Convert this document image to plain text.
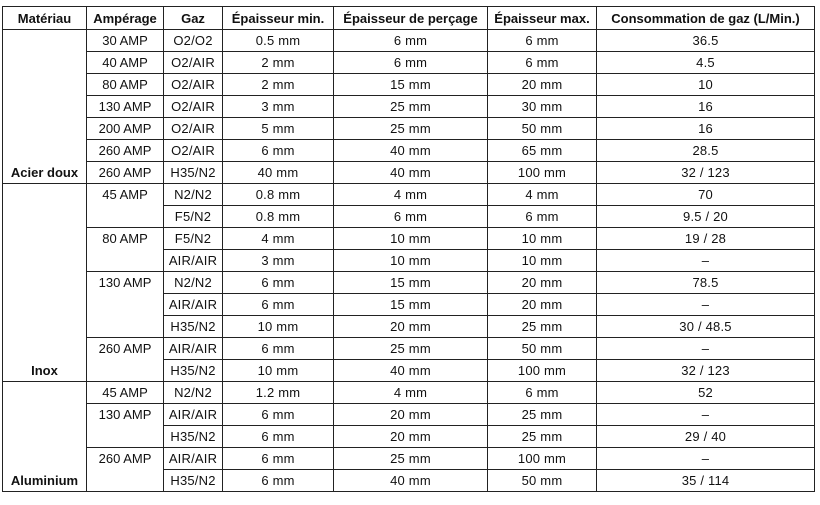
Matériau	Ampérage	Gaz	Épaisseur min.	Épaisseur de perçage	Épaisseur max.	Consommation de gaz (L/Min.)
Acier doux	30 AMP	O2/O2	0.5 mm	6 mm	6 mm	36.5
	40 AMP	O2/AIR	2 mm	6 mm	6 mm	4.5
	80 AMP	O2/AIR	2 mm	15 mm	20 mm	10
	130 AMP	O2/AIR	3 mm	25 mm	30 mm	16
	200 AMP	O2/AIR	5 mm	25 mm	50 mm	16
	260 AMP	O2/AIR	6 mm	40 mm	65 mm	28.5
	260 AMP	H35/N2	40 mm	40 mm	100 mm	32 / 123
Inox	45 AMP	N2/N2	0.8 mm	4 mm	4 mm	70
		F5/N2	0.8 mm	6 mm	6 mm	9.5 / 20
	80 AMP	F5/N2	4 mm	10 mm	10 mm	19 / 28
		AIR/AIR	3 mm	10 mm	10 mm	–
	130 AMP	N2/N2	6 mm	15 mm	20 mm	78.5
		AIR/AIR	6 mm	15 mm	20 mm	–
		H35/N2	10 mm	20 mm	25 mm	30 / 48.5
	260 AMP	AIR/AIR	6 mm	25 mm	50 mm	–
		H35/N2	10 mm	40 mm	100 mm	32 / 123
Aluminium	45 AMP	N2/N2	1.2 mm	4 mm	6 mm	52
	130 AMP	AIR/AIR	6 mm	20 mm	25 mm	–
		H35/N2	6 mm	20 mm	25 mm	29 / 40
	260 AMP	AIR/AIR	6 mm	25 mm	100 mm	–
		H35/N2	6 mm	40 mm	50 mm	35 / 114
